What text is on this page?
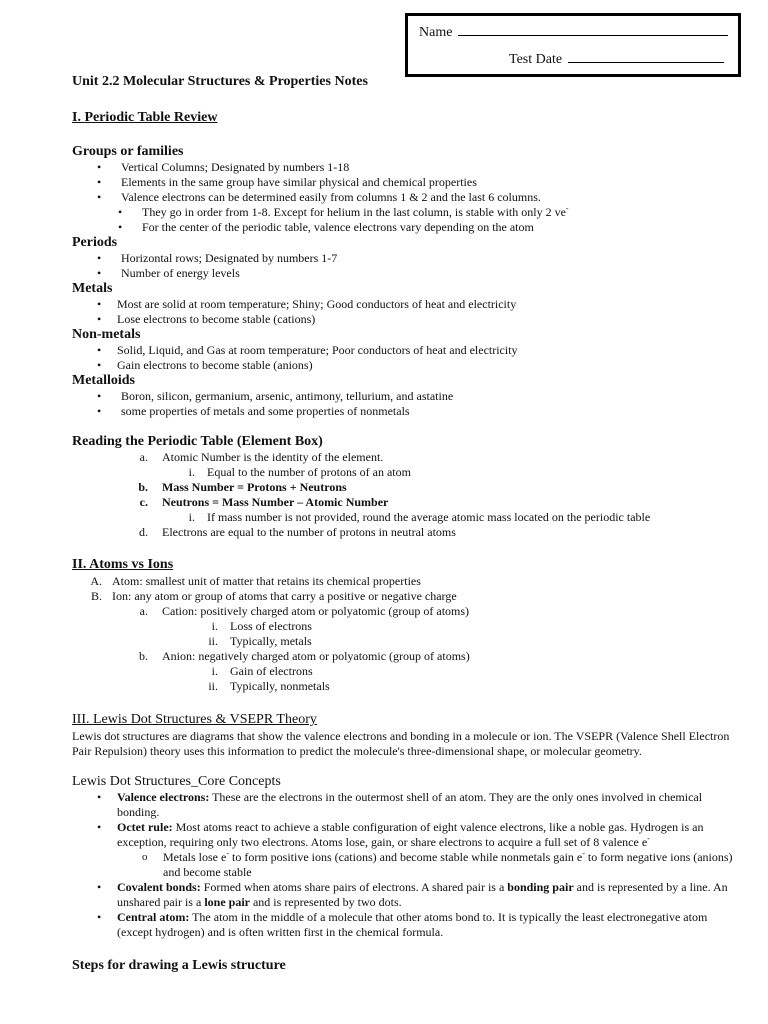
Name
Test Date

Unit 2.2 Molecular Structures & Properties Notes

I. Periodic Table Review

Groups or families

• Vertical Columns; Designated by numbers 1-18
• Elements in the same group have similar physical and chemical properties
• Valence electrons can be determined easily from columns 1 & 2 and the last 6 columns.
• They go in order from 1-8. Except for helium in the last column, is stable with only 2 ve-
• For the center of the periodic table, valence electrons vary depending on the atom

Periods

• Horizontal rows; Designated by numbers 1-7
• Number of energy levels

Metals

• Most are solid at room temperature; Shiny; Good conductors of heat and electricity
• Lose electrons to become stable (cations)

Non-metals

• Solid, Liquid, and Gas at room temperature; Poor conductors of heat and electricity
• Gain electrons to become stable (anions)

Metalloids

• Boron, silicon, germanium, arsenic, antimony, tellurium, and astatine
• some properties of metals and some properties of nonmetals

Reading the Periodic Table (Element Box)

a. Atomic Number is the identity of the element.
i. Equal to the number of protons of an atom
b. Mass Number = Protons + Neutrons
c. Neutrons = Mass Number – Atomic Number
i. If mass number is not provided, round the average atomic mass located on the periodic table
d. Electrons are equal to the number of protons in neutral atoms

II. Atoms vs Ions

A. Atom: smallest unit of matter that retains its chemical properties
B. Ion: any atom or group of atoms that carry a positive or negative charge
a. Cation: positively charged atom or polyatomic (group of atoms)
i. Loss of electrons
ii. Typically, metals
b. Anion: negatively charged atom or polyatomic (group of atoms)
i. Gain of electrons
ii. Typically, nonmetals

III. Lewis Dot Structures & VSEPR Theory

Lewis dot structures are diagrams that show the valence electrons and bonding in a molecule or ion. The VSEPR (Valence Shell Electron Pair Repulsion) theory uses this information to predict the molecule's three-dimensional shape, or molecular geometry.

Lewis Dot Structures_Core Concepts

• Valence electrons: These are the electrons in the outermost shell of an atom. They are the only ones involved in chemical bonding.
• Octet rule: Most atoms react to achieve a stable configuration of eight valence electrons, like a noble gas. Hydrogen is an exception, requiring only two electrons. Atoms lose, gain, or share electrons to acquire a full set of 8 valence e-
o Metals lose e- to form positive ions (cations) and become stable while nonmetals gain e- to form negative ions (anions) and become stable
• Covalent bonds: Formed when atoms share pairs of electrons. A shared pair is a bonding pair and is represented by a line. An unshared pair is a lone pair and is represented by two dots.
• Central atom: The atom in the middle of a molecule that other atoms bond to. It is typically the least electronegative atom (except hydrogen) and is often written first in the chemical formula.

Steps for drawing a Lewis structure
